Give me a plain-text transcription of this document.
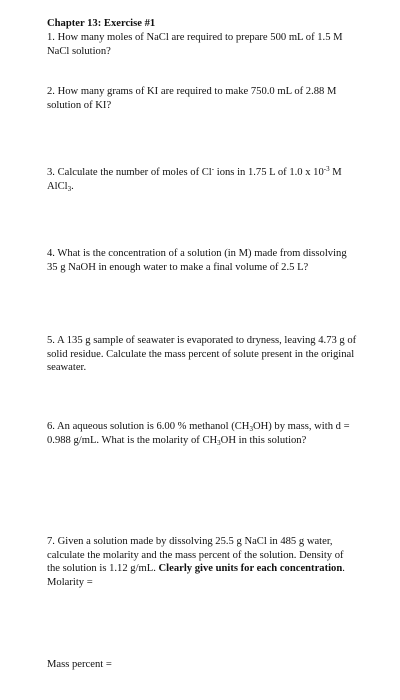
Chapter 13: Exercise #1
1. How many moles of NaCl are required to prepare 500 mL of 1.5 M NaCl solution?
2. How many grams of KI are required to make 750.0 mL of 2.88 M solution of KI?
3. Calculate the number of moles of Cl- ions in 1.75 L of 1.0 x $10^{-3}$ M AlCl$_3$.
4. What is the concentration of a solution (in M) made from dissolving 35 g NaOH in enough water to make a final volume of 2.5 L?
5. A 135 g sample of seawater is evaporated to dryness, leaving 4.73 g of solid residue. Calculate the mass percent of solute present in the original seawater.
6. An aqueous solution is 6.00 % methanol $(CH_3OH)$ by mass, with d = 0.988 g/mL. What is the molarity of $CH_3OH$ in this solution?
7. Given a solution made by dissolving 25.5 g NaCl in 485 g water, calculate the molarity and the mass percent of the solution. Density of the solution is 1.12 g/mL. Clearly give units for each concentration.
Molarity =
Mass percent =
